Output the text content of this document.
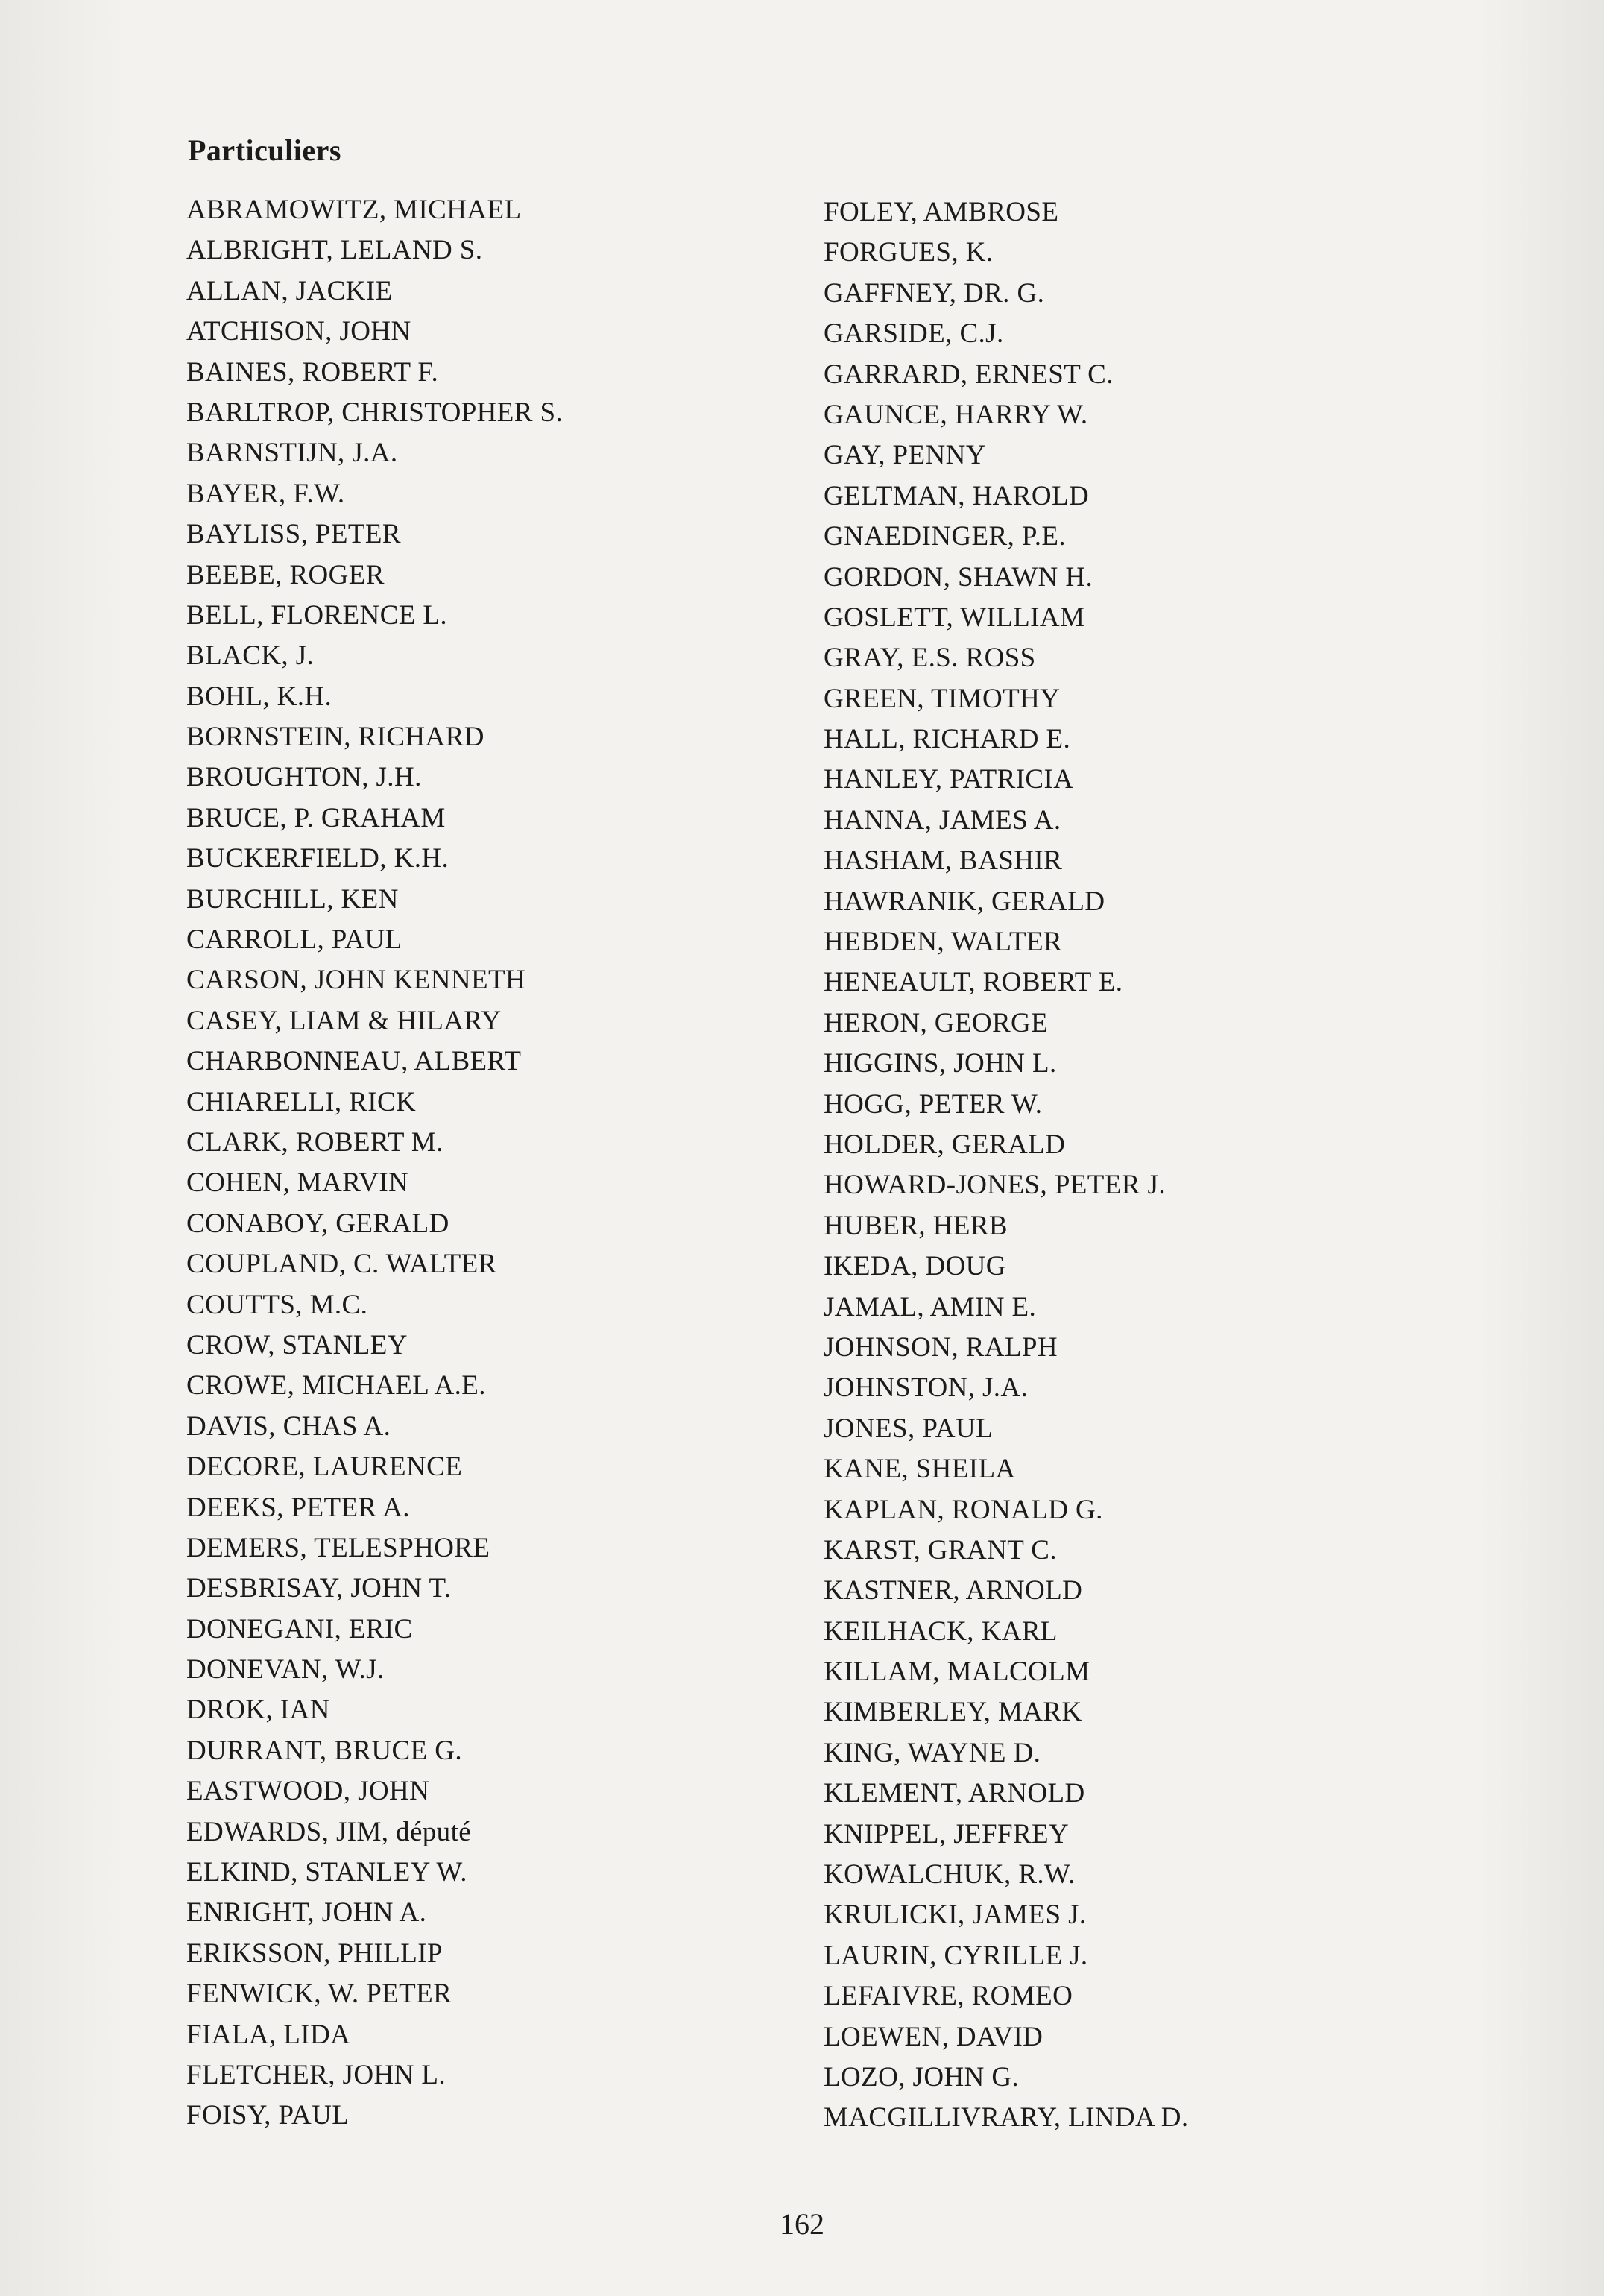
Particuliers
ABRAMOWITZ, MICHAEL
ALBRIGHT, LELAND S.
ALLAN, JACKIE
ATCHISON, JOHN
BAINES, ROBERT F.
BARLTROP, CHRISTOPHER S.
BARNSTIJN, J.A.
BAYER, F.W.
BAYLISS, PETER
BEEBE, ROGER
BELL, FLORENCE L.
BLACK, J.
BOHL, K.H.
BORNSTEIN, RICHARD
BROUGHTON, J.H.
BRUCE, P. GRAHAM
BUCKERFIELD, K.H.
BURCHILL, KEN
CARROLL, PAUL
CARSON, JOHN KENNETH
CASEY, LIAM & HILARY
CHARBONNEAU, ALBERT
CHIARELLI, RICK
CLARK, ROBERT M.
COHEN, MARVIN
CONABOY, GERALD
COUPLAND, C. WALTER
COUTTS, M.C.
CROW, STANLEY
CROWE, MICHAEL A.E.
DAVIS, CHAS A.
DECORE, LAURENCE
DEEKS, PETER A.
DEMERS, TELESPHORE
DESBRISAY, JOHN T.
DONEGANI, ERIC
DONEVAN, W.J.
DROK, IAN
DURRANT, BRUCE G.
EASTWOOD, JOHN
EDWARDS, JIM, député
ELKIND, STANLEY W.
ENRIGHT, JOHN A.
ERIKSSON, PHILLIP
FENWICK, W. PETER
FIALA, LIDA
FLETCHER, JOHN L.
FOISY, PAUL
FOLEY, AMBROSE
FORGUES, K.
GAFFNEY, DR. G.
GARSIDE, C.J.
GARRARD, ERNEST C.
GAUNCE, HARRY W.
GAY, PENNY
GELTMAN, HAROLD
GNAEDINGER, P.E.
GORDON, SHAWN H.
GOSLETT, WILLIAM
GRAY, E.S. ROSS
GREEN, TIMOTHY
HALL, RICHARD E.
HANLEY, PATRICIA
HANNA, JAMES A.
HASHAM, BASHIR
HAWRANIK, GERALD
HEBDEN, WALTER
HENEAULT, ROBERT E.
HERON, GEORGE
HIGGINS, JOHN L.
HOGG, PETER W.
HOLDER, GERALD
HOWARD-JONES, PETER J.
HUBER, HERB
IKEDA, DOUG
JAMAL, AMIN E.
JOHNSON, RALPH
JOHNSTON, J.A.
JONES, PAUL
KANE, SHEILA
KAPLAN, RONALD G.
KARST, GRANT C.
KASTNER, ARNOLD
KEILHACK, KARL
KILLAM, MALCOLM
KIMBERLEY, MARK
KING, WAYNE D.
KLEMENT, ARNOLD
KNIPPEL, JEFFREY
KOWALCHUK, R.W.
KRULICKI, JAMES J.
LAURIN, CYRILLE J.
LEFAIVRE, ROMEO
LOEWEN, DAVID
LOZO, JOHN G.
MACGILLIVRARY, LINDA D.

162
